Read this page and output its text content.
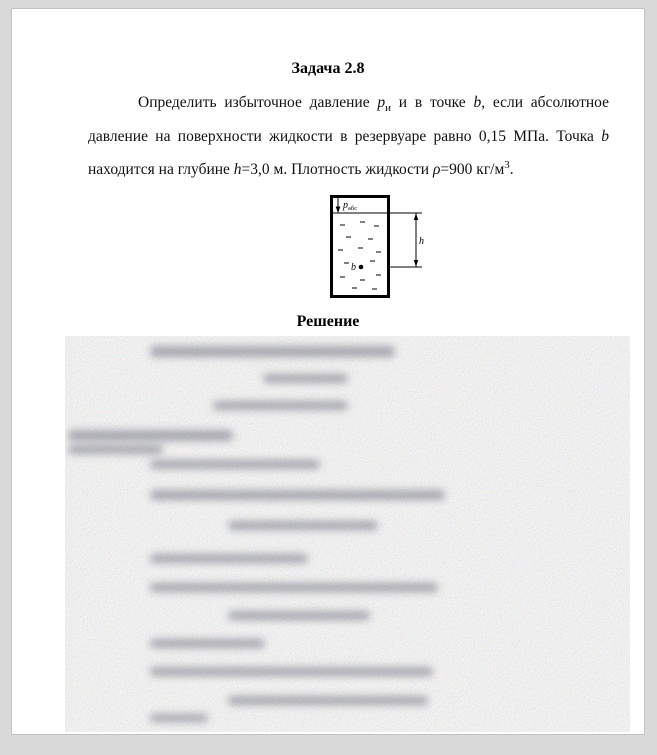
Задача 2.8

Определить избыточное давление $p_и$ и в точке b, если абсолютное давление на поверхности жидкости в резервуаре равно 0,15 МПа. Точка b находится на глубине h=3,0 м. Плотность жидкости ρ=900 $кг/м^3$.

$p_{абс}$
b
h
Решение
